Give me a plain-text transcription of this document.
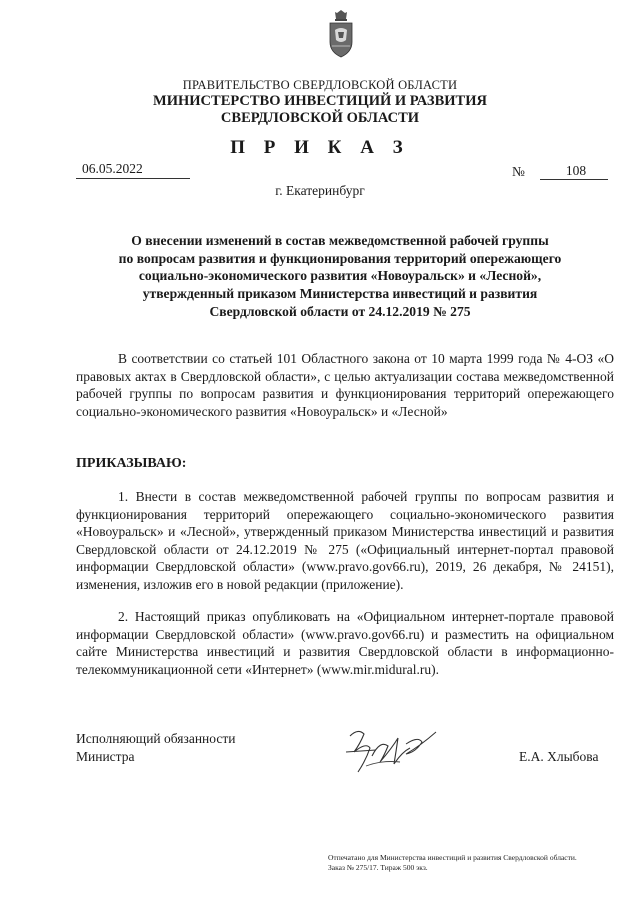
ПРАВИТЕЛЬСТВО СВЕРДЛОВСКОЙ ОБЛАСТИ
МИНИСТЕРСТВО ИНВЕСТИЦИЙ И РАЗВИТИЯ
СВЕРДЛОВСКОЙ ОБЛАСТИ
П Р И К А З
06.05.2022	№	108
г. Екатеринбург
О внесении изменений в состав межведомственной рабочей группы
по вопросам развития и функционирования территорий опережающего
социально-экономического развития «Новоуральск» и «Лесной»,
утвержденный приказом Министерства инвестиций и развития
Свердловской области от 24.12.2019 № 275
В соответствии со статьей 101 Областного закона от 10 марта 1999 года № 4-ОЗ «О правовых актах в Свердловской области», с целью актуализации состава межведомственной рабочей группы по вопросам развития и функционирования территорий опережающего социально-экономического развития «Новоуральск» и «Лесной»
ПРИКАЗЫВАЮ:
1. Внести в состав межведомственной рабочей группы по вопросам развития и функционирования территорий опережающего социально-экономического развития «Новоуральск» и «Лесной», утвержденный приказом Министерства инвестиций и развития Свердловской области от 24.12.2019 № 275 («Официальный интернет-портал правовой информации Свердловской области» (www.pravo.gov66.ru), 2019, 26 декабря, № 24151), изменения, изложив его в новой редакции (приложение).
2. Настоящий приказ опубликовать на «Официальном интернет-портале правовой информации Свердловской области» (www.pravo.gov66.ru) и разместить на официальном сайте Министерства инвестиций и развития Свердловской области в информационно-телекоммуникационной сети «Интернет» (www.mir.midural.ru).
Исполняющий обязанности
Министра	Е.А. Хлыбова
Отпечатано для Министерства инвестиций и развития Свердловской области.
Заказ № 275/17. Тираж 500 экз.
